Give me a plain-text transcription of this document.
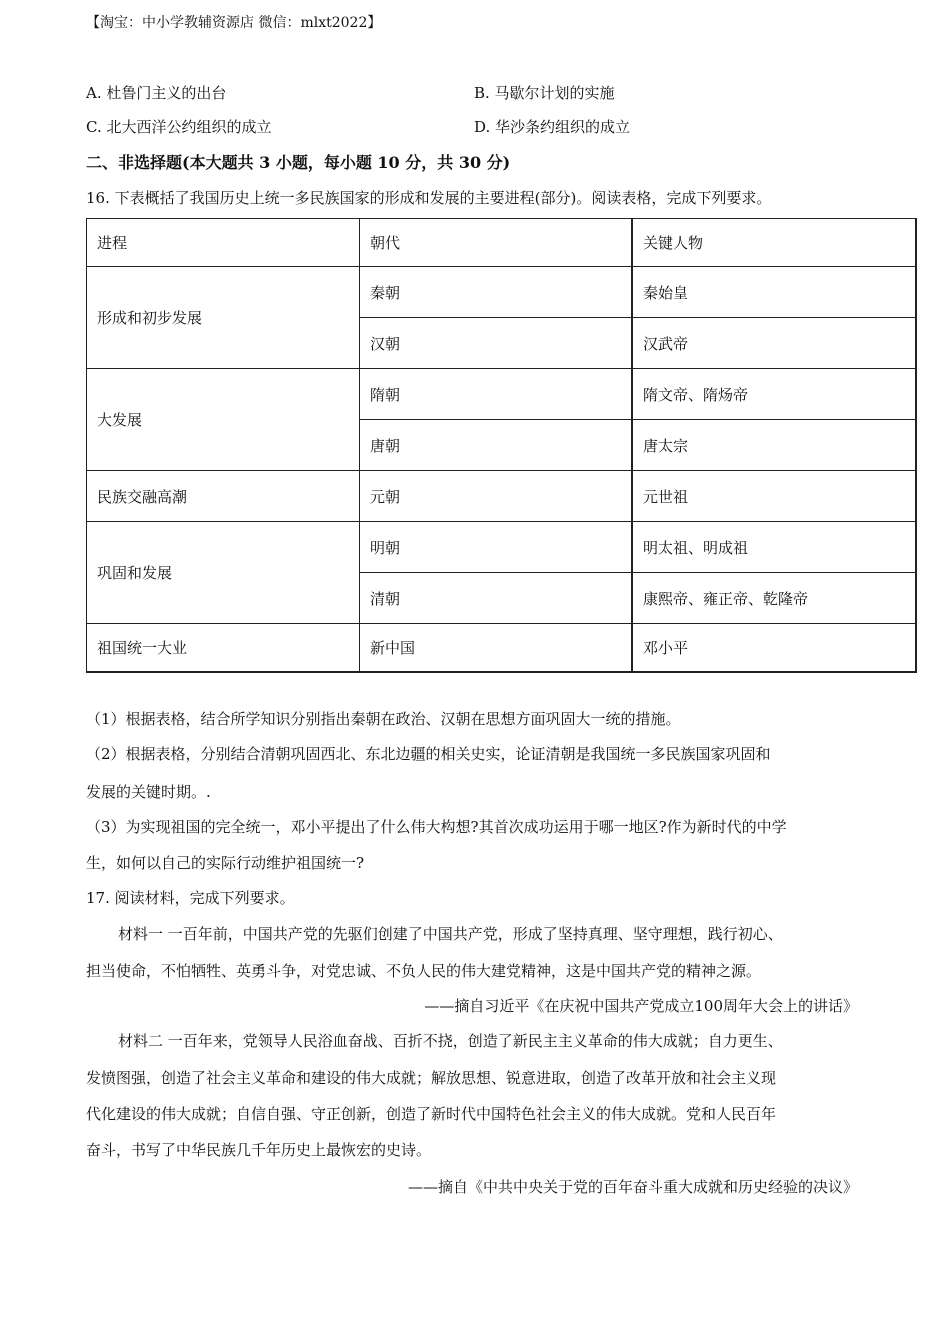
【淘宝：中小学教辅资源店 微信：mlxt2022】
A. 杜鲁门主义的出台	B. 马歇尔计划的实施
C. 北大西洋公约组织的成立	D. 华沙条约组织的成立
二、非选择题(本大题共 3 小题，每小题 10 分，共 30 分)
16. 下表概括了我国历史上统一多民族国家的形成和发展的主要进程(部分)。阅读表格，完成下列要求。
进程	朝代	关键人物
形成和初步发展	秦朝	秦始皇
	汉朝	汉武帝
大发展	隋朝	隋文帝、隋炀帝
	唐朝	唐太宗
民族交融高潮	元朝	元世祖
巩固和发展	明朝	明太祖、明成祖
	清朝	康熙帝、雍正帝、乾隆帝
祖国统一大业	新中国	邓小平
（1）根据表格，结合所学知识分别指出秦朝在政治、汉朝在思想方面巩固大一统的措施。
（2）根据表格，分别结合清朝巩固西北、东北边疆的相关史实，论证清朝是我国统一多民族国家巩固和
发展的关键时期。.
（3）为实现祖国的完全统一，邓小平提出了什么伟大构想?其首次成功运用于哪一地区?作为新时代的中学
生，如何以自己的实际行动维护祖国统一?
17. 阅读材料，完成下列要求。
材料一 一百年前，中国共产党的先驱们创建了中国共产党，形成了坚持真理、坚守理想，践行初心、
担当使命，不怕牺牲、英勇斗争，对党忠诚、不负人民的伟大建党精神，这是中国共产党的精神之源。
——摘自习近平《在庆祝中国共产党成立100周年大会上的讲话》
材料二 一百年来，党领导人民浴血奋战、百折不挠，创造了新民主主义革命的伟大成就；自力更生、
发愤图强，创造了社会主义革命和建设的伟大成就；解放思想、锐意进取，创造了改革开放和社会主义现
代化建设的伟大成就；自信自强、守正创新，创造了新时代中国特色社会主义的伟大成就。党和人民百年
奋斗，书写了中华民族几千年历史上最恢宏的史诗。
——摘自《中共中央关于党的百年奋斗重大成就和历史经验的决议》
